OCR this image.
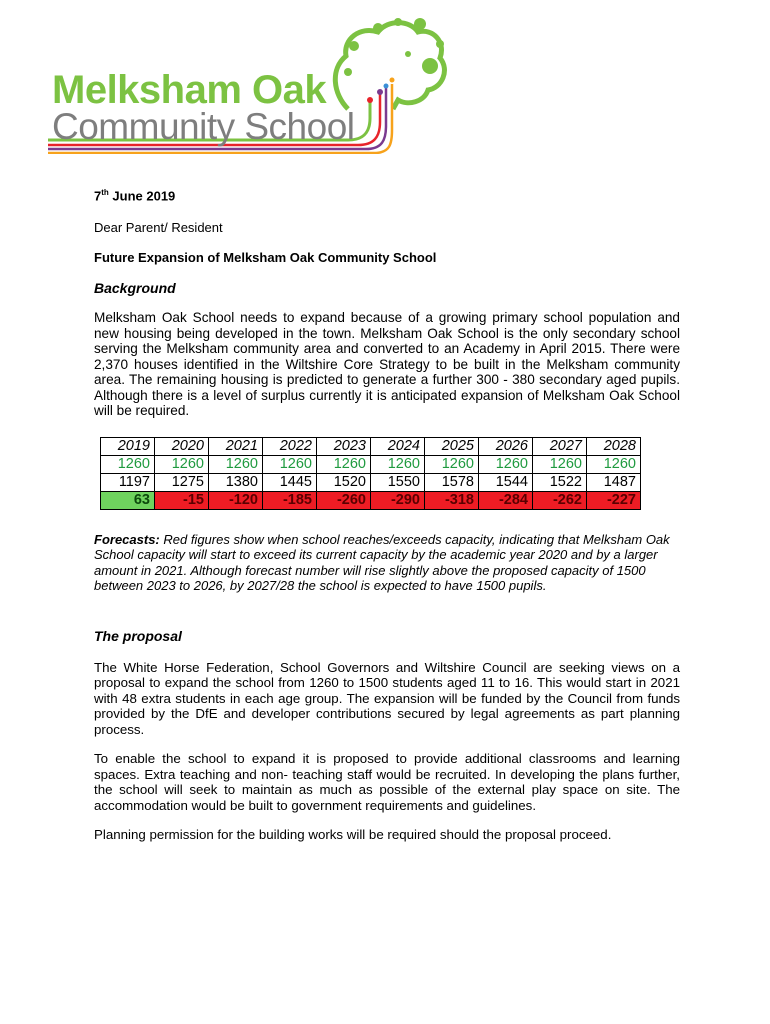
Melksham Oak
Community School
7th June 2019
Dear Parent/ Resident
Future Expansion of Melksham Oak Community School
Background

Melksham Oak School needs to expand because of a growing primary school population and new housing being developed in the town. Melksham Oak School is the only secondary school serving the Melksham community area and converted to an Academy in April 2015. There were 2,370 houses identified in the Wiltshire Core Strategy to be built in the Melksham community area. The remaining housing is predicted to generate a further 300 - 380 secondary aged pupils. Although there is a level of surplus currently it is anticipated expansion of Melksham Oak School will be required.

2019	2020	2021	2022	2023	2024	2025	2026	2027	2028
1260	1260	1260	1260	1260	1260	1260	1260	1260	1260
1197	1275	1380	1445	1520	1550	1578	1544	1522	1487
63	-15	-120	-185	-260	-290	-318	-284	-262	-227

Forecasts: Red figures show when school reaches/exceeds capacity, indicating that Melksham Oak School capacity will start to exceed its current capacity by the academic year 2020 and by a larger amount in 2021. Although forecast number will rise slightly above the proposed capacity of 1500 between 2023 to 2026, by 2027/28 the school is expected to have 1500 pupils.

The proposal

The White Horse Federation, School Governors and Wiltshire Council are seeking views on a proposal to expand the school from 1260 to 1500 students aged 11 to 16. This would start in 2021 with 48 extra students in each age group. The expansion will be funded by the Council from funds provided by the DfE and developer contributions secured by legal agreements as part planning process.

To enable the school to expand it is proposed to provide additional classrooms and learning spaces. Extra teaching and non- teaching staff would be recruited. In developing the plans further, the school will seek to maintain as much as possible of the external play space on site. The accommodation would be built to government requirements and guidelines.

Planning permission for the building works will be required should the proposal proceed.
